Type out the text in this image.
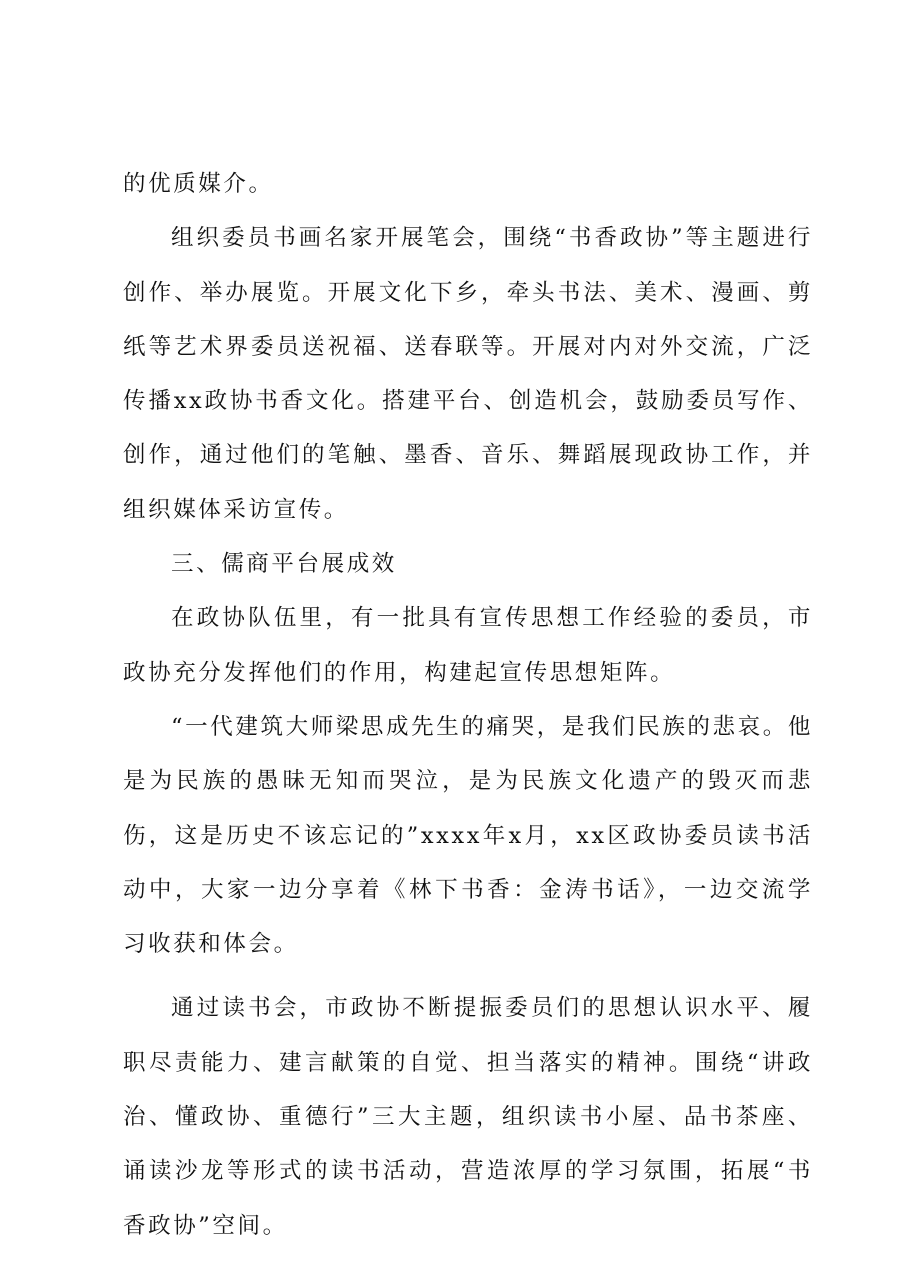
的优质媒介。

组织委员书画名家开展笔会，围绕“书香政协”等主题进行创作、举办展览。开展文化下乡，牵头书法、美术、漫画、剪纸等艺术界委员送祝福、送春联等。开展对内对外交流，广泛传播xx政协书香文化。搭建平台、创造机会，鼓励委员写作、创作，通过他们的笔触、墨香、音乐、舞蹈展现政协工作，并组织媒体采访宣传。

三、儒商平台展成效

在政协队伍里，有一批具有宣传思想工作经验的委员，市政协充分发挥他们的作用，构建起宣传思想矩阵。

“一代建筑大师梁思成先生的痛哭，是我们民族的悲哀。他是为民族的愚昧无知而哭泣，是为民族文化遗产的毁灭而悲伤，这是历史不该忘记的”xxxx年x月，xx区政协委员读书活动中，大家一边分享着《林下书香：金涛书话》，一边交流学习收获和体会。

通过读书会，市政协不断提振委员们的思想认识水平、履职尽责能力、建言献策的自觉、担当落实的精神。围绕“讲政治、懂政协、重德行”三大主题，组织读书小屋、品书茶座、诵读沙龙等形式的读书活动，营造浓厚的学习氛围，拓展“书香政协”空间。
